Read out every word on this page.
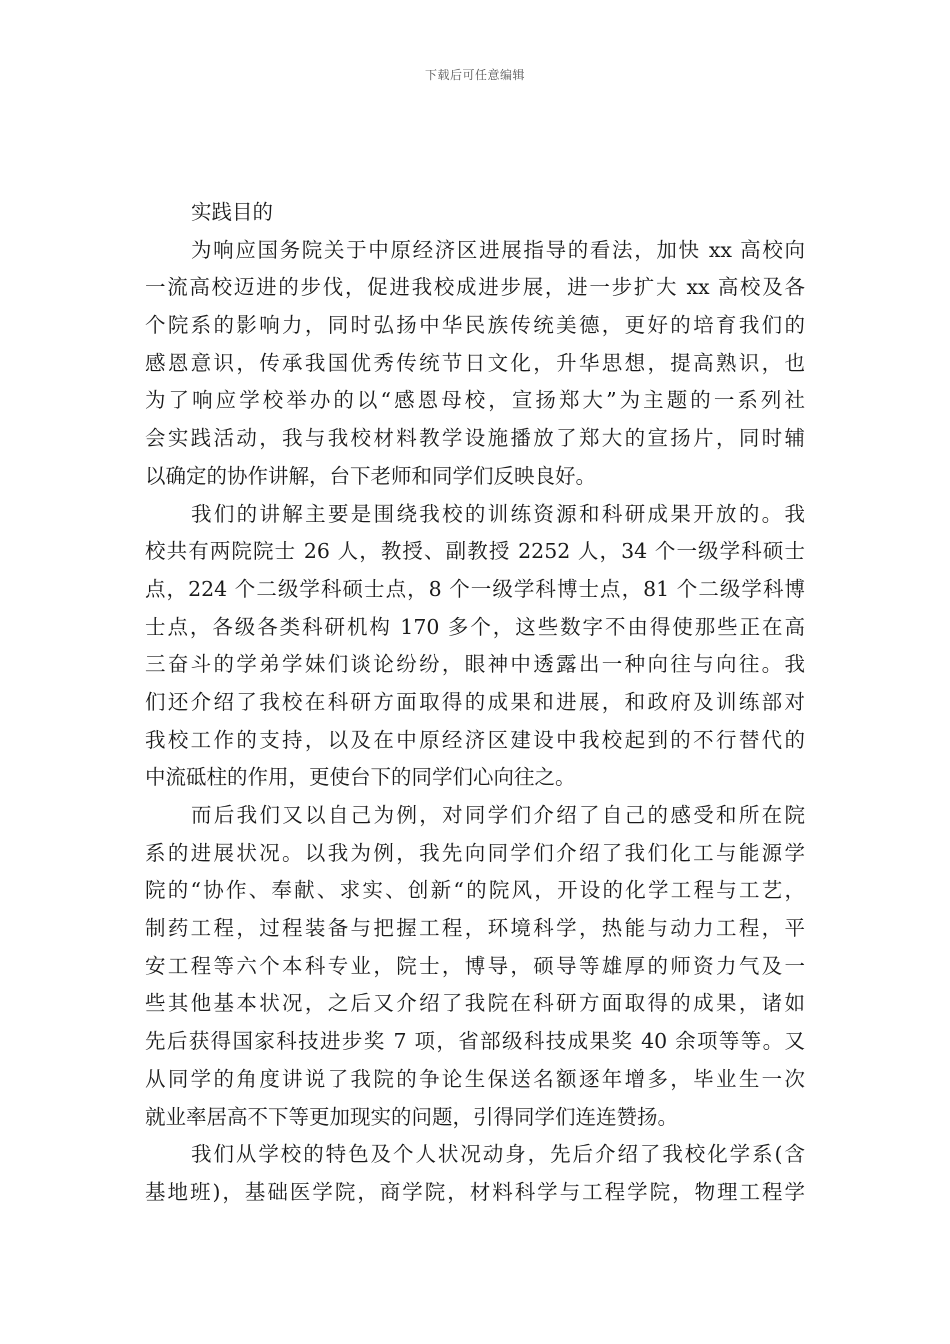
下载后可任意编辑
实践目的
为响应国务院关于中原经济区进展指导的看法，加快 xx 高校向
一流高校迈进的步伐，促进我校成进步展，进一步扩大 xx 高校及各
个院系的影响力，同时弘扬中华民族传统美德，更好的培育我们的
感恩意识，传承我国优秀传统节日文化，升华思想，提高熟识，也
为了响应学校举办的以“感恩母校，宣扬郑大”为主题的一系列社
会实践活动，我与我校材料教学设施播放了郑大的宣扬片，同时辅
以确定的协作讲解，台下老师和同学们反映良好。
我们的讲解主要是围绕我校的训练资源和科研成果开放的。我
校共有两院院士 26 人，教授、副教授 2252 人，34 个一级学科硕士
点，224 个二级学科硕士点，8 个一级学科博士点，81 个二级学科博
士点，各级各类科研机构 170 多个，这些数字不由得使那些正在高
三奋斗的学弟学妹们谈论纷纷，眼神中透露出一种向往与向往。我
们还介绍了我校在科研方面取得的成果和进展，和政府及训练部对
我校工作的支持，以及在中原经济区建设中我校起到的不行替代的
中流砥柱的作用，更使台下的同学们心向往之。
而后我们又以自己为例，对同学们介绍了自己的感受和所在院
系的进展状况。以我为例，我先向同学们介绍了我们化工与能源学
院的“协作、奉献、求实、创新“的院风，开设的化学工程与工艺，
制药工程，过程装备与把握工程，环境科学，热能与动力工程，平
安工程等六个本科专业，院士，博导，硕导等雄厚的师资力气及一
些其他基本状况，之后又介绍了我院在科研方面取得的成果，诸如
先后获得国家科技进步奖 7 项，省部级科技成果奖 40 余项等等。又
从同学的角度讲说了我院的争论生保送名额逐年增多，毕业生一次
就业率居高不下等更加现实的问题，引得同学们连连赞扬。
我们从学校的特色及个人状况动身，先后介绍了我校化学系(含
基地班)，基础医学院，商学院，材料科学与工程学院，物理工程学
